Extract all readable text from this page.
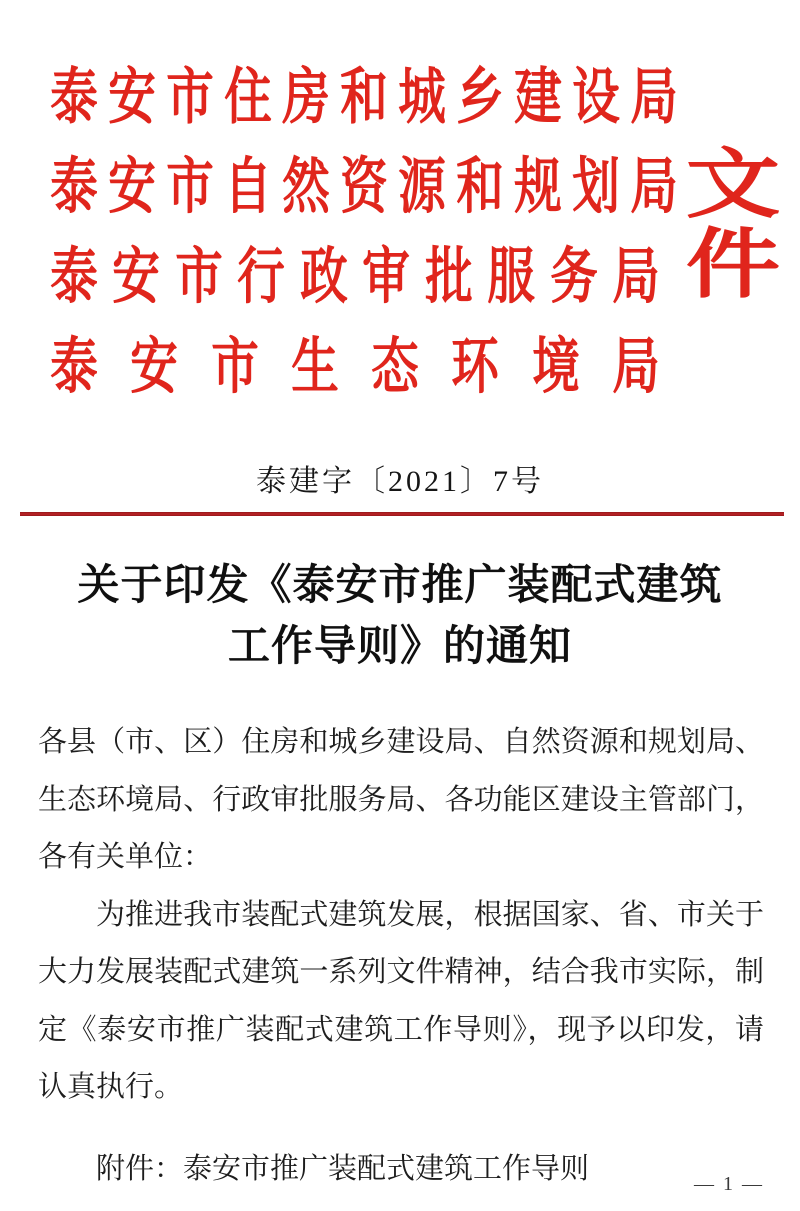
泰 安 市 住 房 和 城 乡 建 设 局
泰 安 市 自 然 资 源 和 规 划 局
泰 安 市 行 政 审 批 服 务 局
泰 安 市 生 态 环 境 局
文
件
泰建字〔2021〕7号
关于印发《泰安市推广装配式建筑
工作导则》的通知

各县（市、区）住房和城乡建设局、自然资源和规划局、生态环境局、行政审批服务局、各功能区建设主管部门，各有关单位：

为推进我市装配式建筑发展，根据国家、省、市关于大力发展装配式建筑一系列文件精神，结合我市实际，制定《泰安市推广装配式建筑工作导则》，现予以印发，请认真执行。

附件：泰安市推广装配式建筑工作导则	— 1 —
